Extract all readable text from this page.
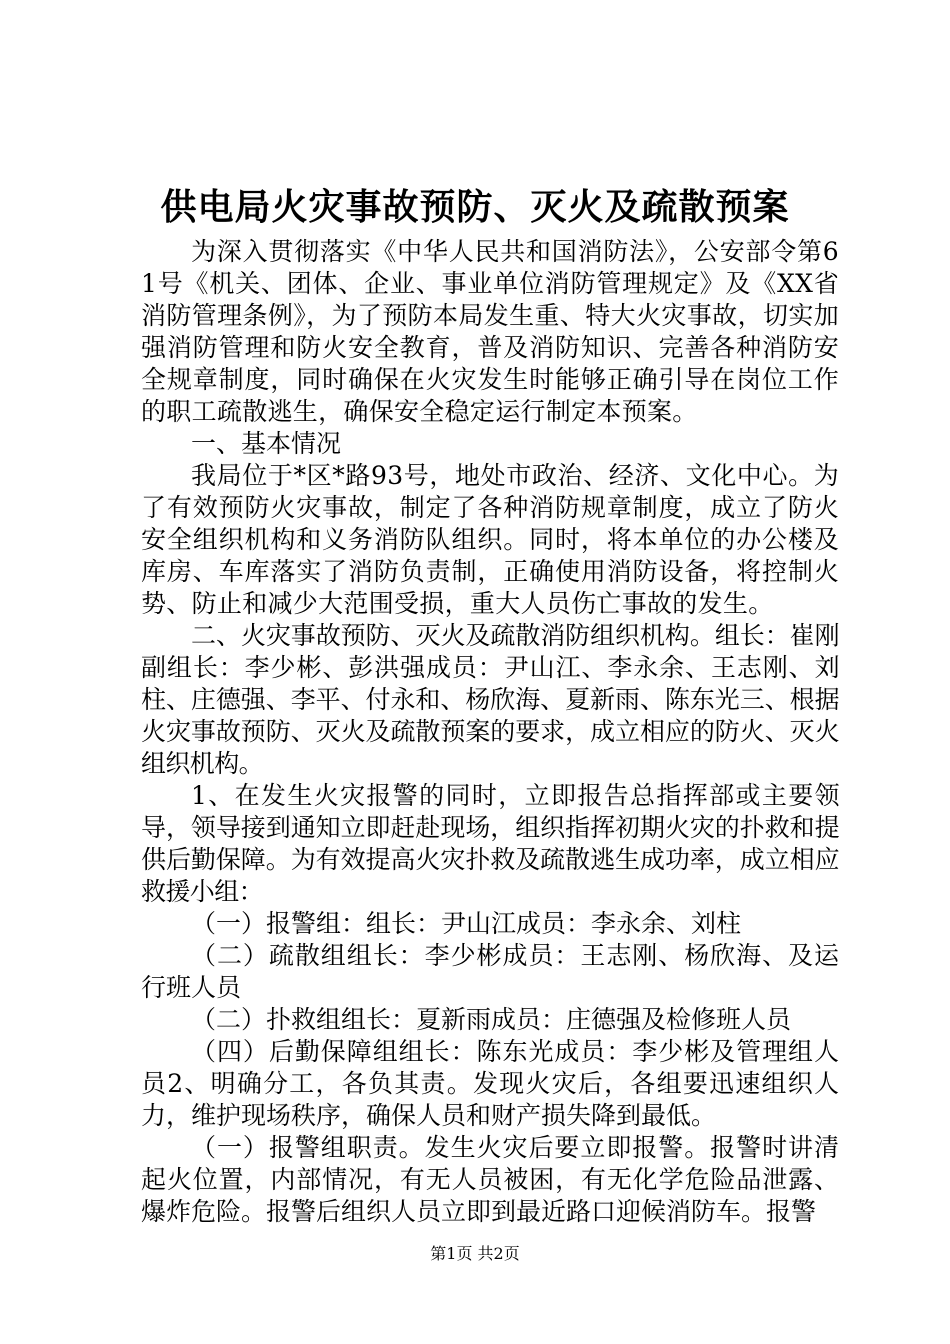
供电局火灾事故预防、灭火及疏散预案

为深入贯彻落实《中华人民共和国消防法》，公安部令第61号《机关、团体、企业、事业单位消防管理规定》及《XX省消防管理条例》，为了预防本局发生重、特大火灾事故，切实加强消防管理和防火安全教育，普及消防知识、完善各种消防安全规章制度，同时确保在火灾发生时能够正确引导在岗位工作的职工疏散逃生，确保安全稳定运行制定本预案。

一、基本情况

我局位于*区*路93号，地处市政治、经济、文化中心。为了有效预防火灾事故，制定了各种消防规章制度，成立了防火安全组织机构和义务消防队组织。同时，将本单位的办公楼及库房、车库落实了消防负责制，正确使用消防设备，将控制火势、防止和减少大范围受损，重大人员伤亡事故的发生。

二、火灾事故预防、灭火及疏散消防组织机构。组长：崔刚副组长：李少彬、彭洪强成员：尹山江、李永余、王志刚、刘柱、庄德强、李平、付永和、杨欣海、夏新雨、陈东光三、根据火灾事故预防、灭火及疏散预案的要求，成立相应的防火、灭火组织机构。

1、在发生火灾报警的同时，立即报告总指挥部或主要领导，领导接到通知立即赶赴现场，组织指挥初期火灾的扑救和提供后勤保障。为有效提高火灾扑救及疏散逃生成功率，成立相应救援小组：

（一）报警组：组长：尹山江成员：李永余、刘柱

（二）疏散组组长：李少彬成员：王志刚、杨欣海、及运行班人员

（二）扑救组组长：夏新雨成员：庄德强及检修班人员

（四）后勤保障组组长：陈东光成员：李少彬及管理组人员2、明确分工，各负其责。发现火灾后，各组要迅速组织人力，维护现场秩序，确保人员和财产损失降到最低。

（一）报警组职责。发生火灾后要立即报警。报警时讲清起火位置，内部情况，有无人员被困，有无化学危险品泄露、爆炸危险。报警后组织人员立即到最近路口迎候消防车。报警

第1页 共2页
